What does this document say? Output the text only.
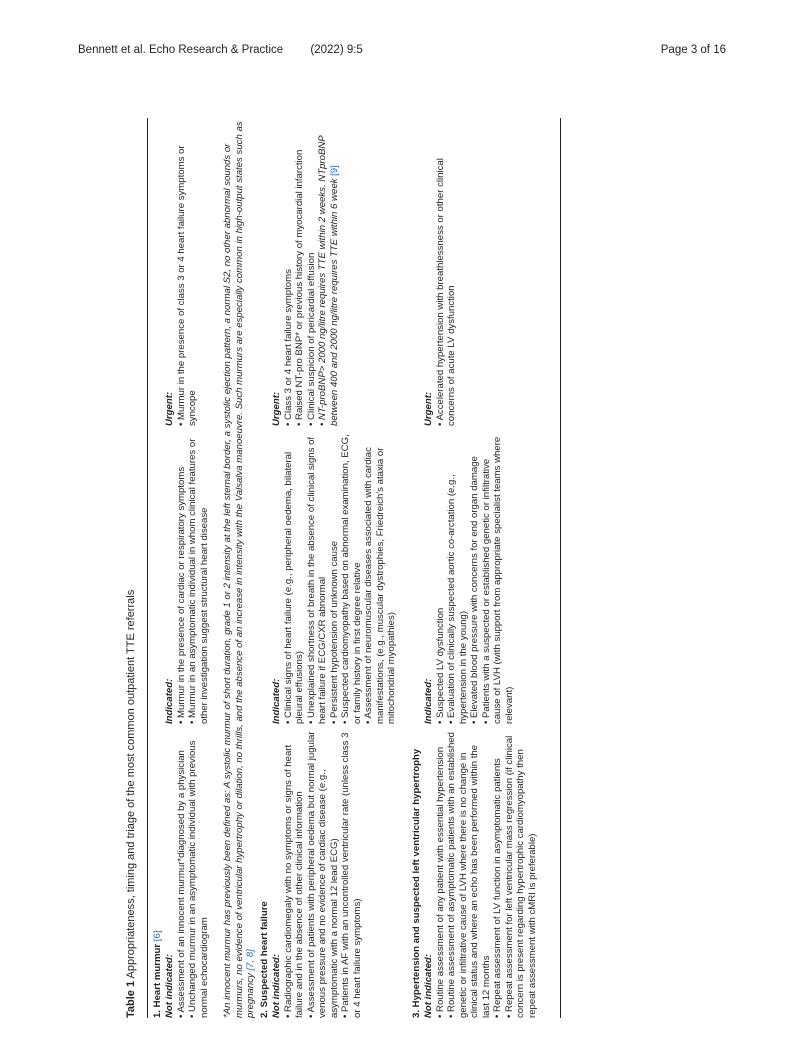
Bennett et al. Echo Research & Practice (2022) 9:5	Page 3 of 16
Table 1 Appropriateness, timing and triage of the most common outpatient TTE referrals
1. Heart murmur [6]
Not indicated: • Assessment of an innocent murmur*diagnosed by a physician • Unchanged murmur in an asymptomatic individual with previous normal echocardiogram
Indicated: • Murmur in the presence of cardiac or respiratory symptoms • Murmur in an asymptomatic individual in whom clinical features or other investigation suggest structural heart disease
Urgent: • Murmur in the presence of class 3 or 4 heart failure symptoms or syncope	*An innocent murmur has previously been defined as: A systolic murmur of short duration, grade 1 or 2 intensity at the left sternal border, a systolic ejection pattern, a normal S2, no other abnormal sounds or murmurs, no evidence of ventricular hypertrophy or dilation, no thrills, and the absence of an increase in intensity with the Valsalva manoeuvre. Such murmurs are especially common in high-output states such as pregnancy [7, 8] 2. Suspected heart failure Not indicated: • Radiographic cardiomegaly with no symptoms or signs of heart failure and in the absence of other clinical information • Assessment of patients with peripheral oedema but normal jugular venous pressure and no evidence of cardiac disease (e.g., asymptomatic with a normal 12 lead ECG) • Patients in AF with an uncontrolled ventricular rate (unless class 3 or 4 heart failure symptoms)
Indicated: • Clinical signs of heart failure (e.g., peripheral oedema, bilateral pleural effusions) • Unexplained shortness of breath in the absence of clinical signs of heart failure if ECG/CXR abnormal • Persistent hypotension of unknown cause • Suspected cardiomyopathy based on abnormal examination, ECG, or family history in first degree relative • Assessment of neuromuscular diseases associated with cardiac manifestations, (e.g., muscular dystrophies, Friedreich's ataxia or mitochondrial myopathies)
Urgent: • Class 3 or 4 heart failure symptoms • Raised NT-pro BNP* or previous history of myocardial infarction • Clinical suspicion of pericardial effusion • NT-proBNP> 2000 ng/litre requires TTE within 2 weeks. NTproBNP between 400 and 2000 ng/litre requires TTE within 6 week [9]
3. Hypertension and suspected left ventricular hypertrophy Not indicated: • Routine assessment of any patient with essential hypertension • Routine assessment of asymptomatic patients with an established genetic or infiltrative cause of LVH where there is no change in clinical status and where an echo has been performed within the last 12 months • Repeat assessment of LV function in asymptomatic patients • Repeat assessment for left ventricular mass regression (if clinical concern is present regarding hypertrophic cardiomyopathy then repeat assessment with cMRI is preferable)
Indicated: • Suspected LV dysfunction • Evaluation of clinically suspected aortic co-arctation (e.g., hypertension in the young) • Elevated blood pressure with concerns for end organ damage • Patients with a suspected or established genetic or infiltrative cause of LVH (with support from appropriate specialist teams where relevant)
Urgent: • Accelerated hypertension with breathlessness or other clinical concerns of acute LV dysfunction
